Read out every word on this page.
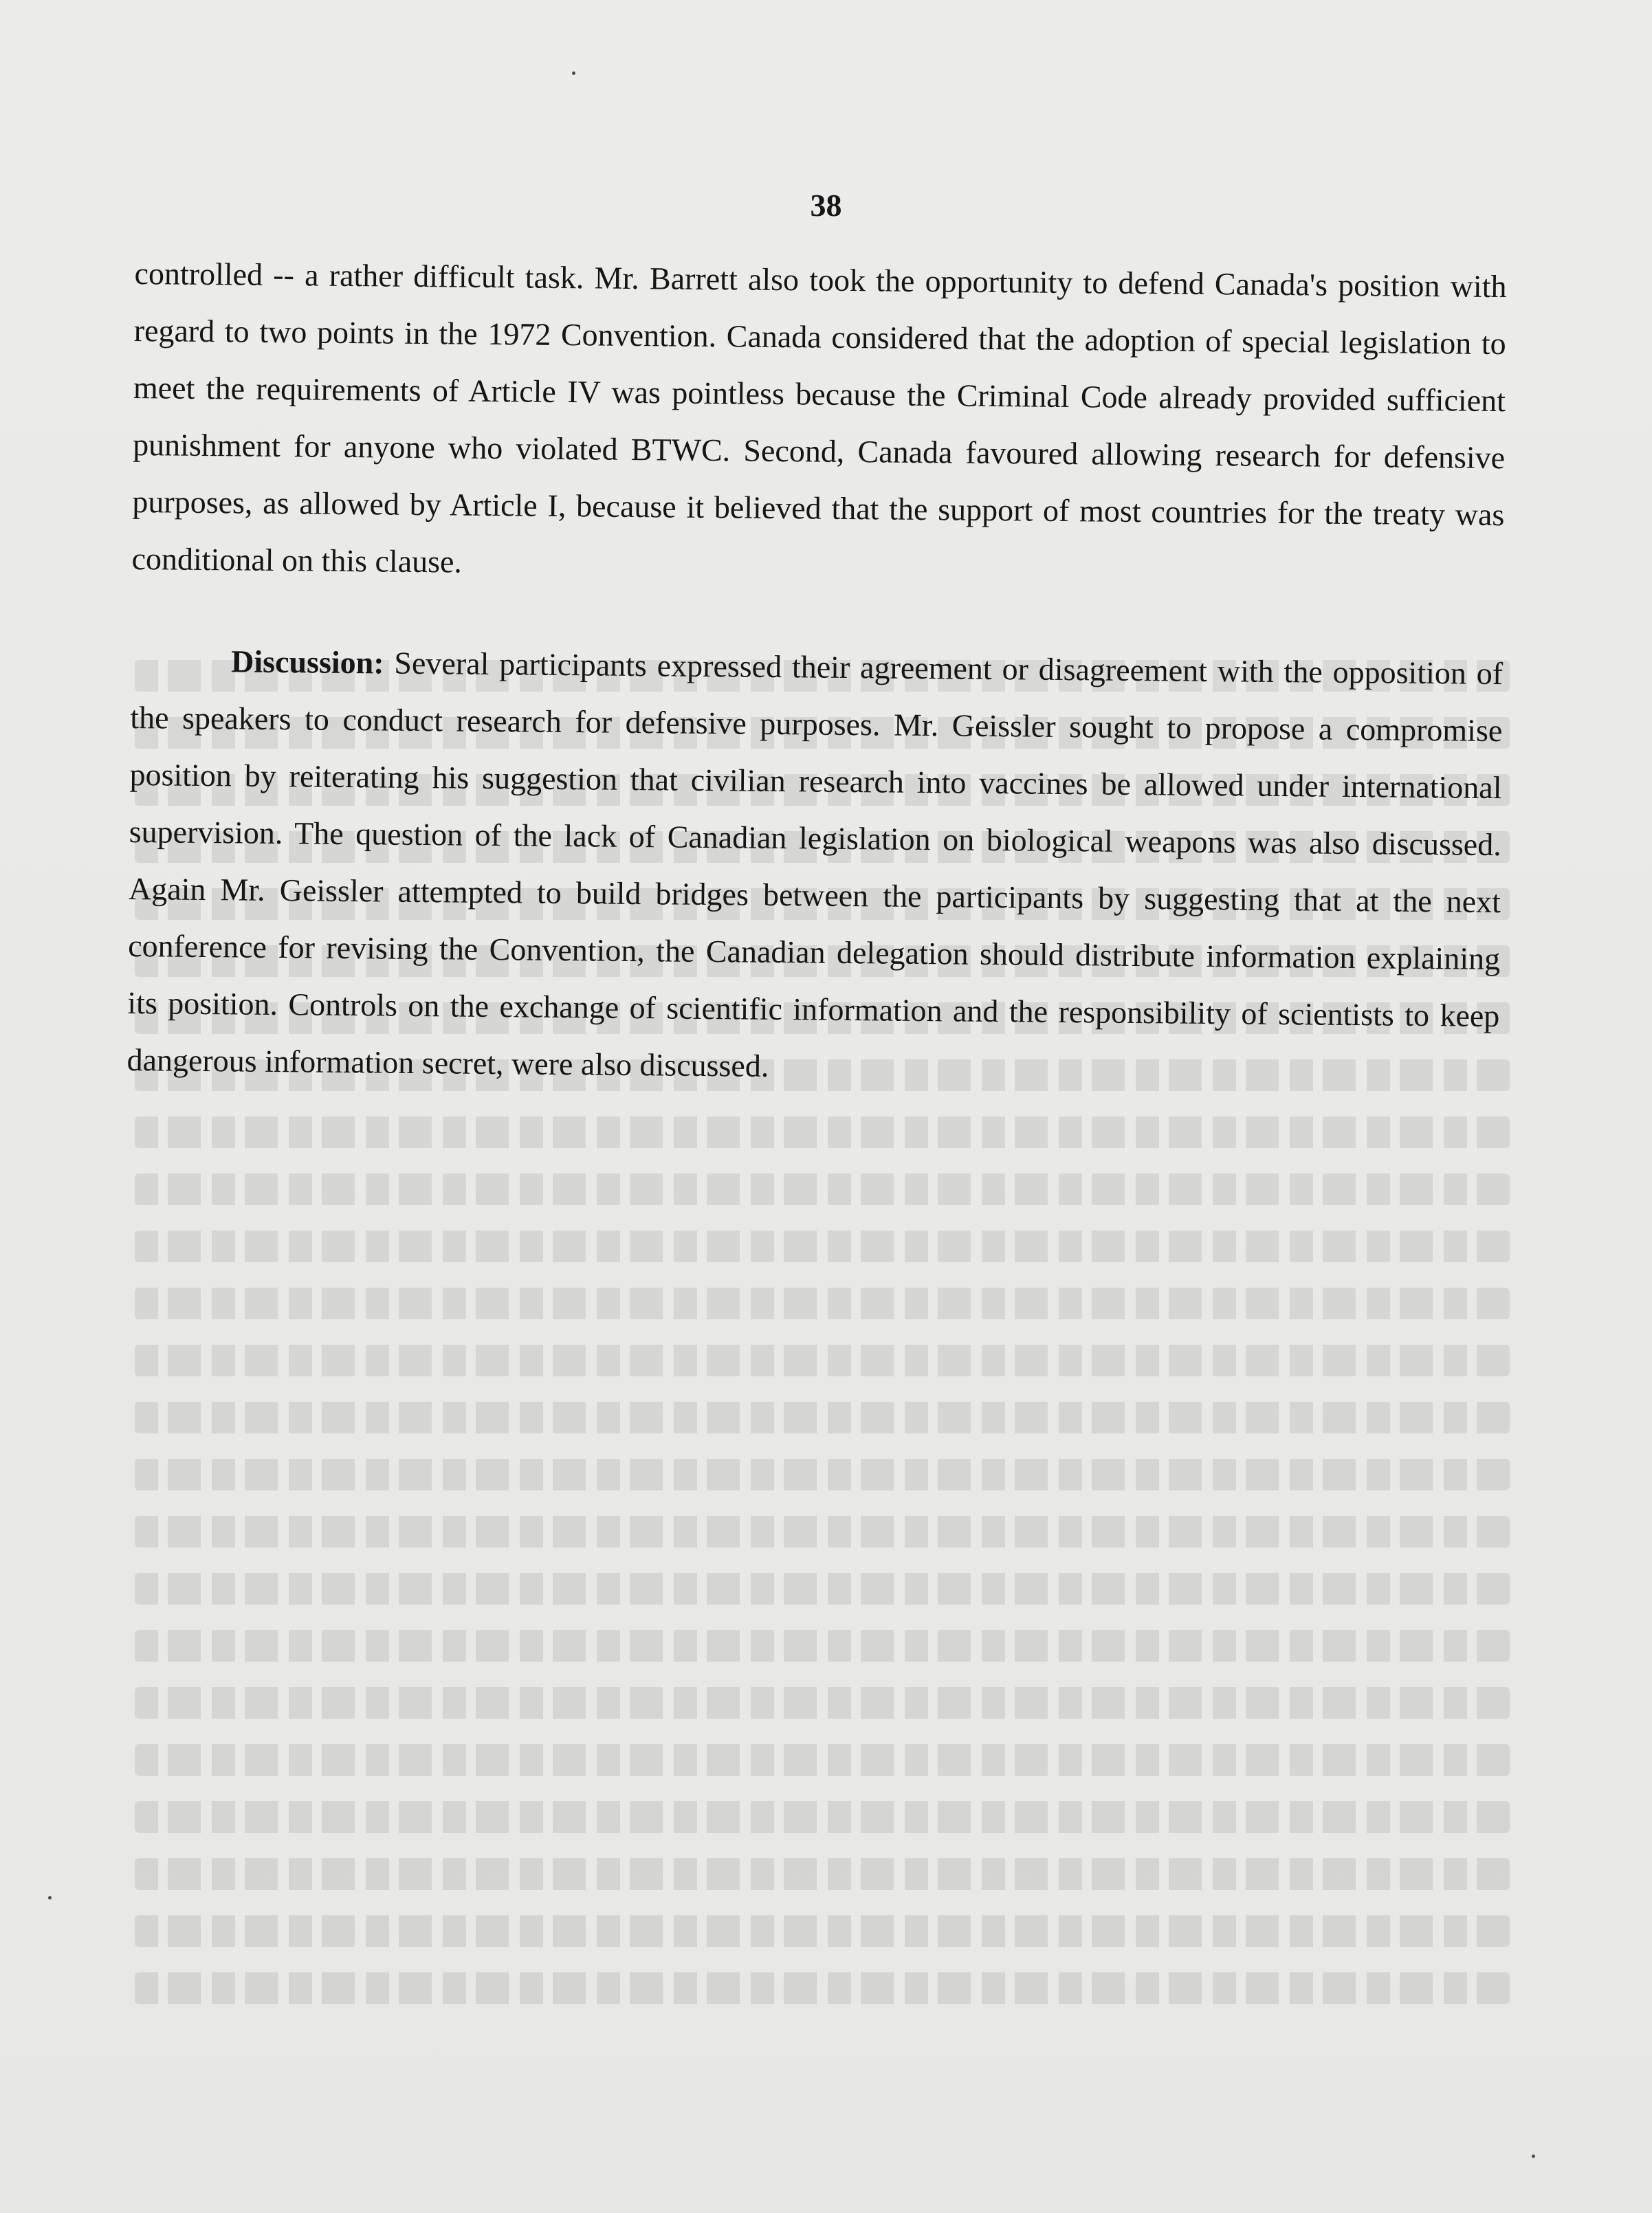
38

controlled -- a rather difficult task. Mr. Barrett also took the opportunity to defend Canada's position with regard to two points in the 1972 Convention. Canada considered that the adoption of special legislation to meet the requirements of Article IV was pointless because the Criminal Code already provided sufficient punishment for anyone who violated BTWC. Second, Canada favoured allowing research for defensive purposes, as allowed by Article I, because it believed that the support of most countries for the treaty was conditional on this clause.

Discussion: Several participants expressed their agreement or disagreement with the opposition of the speakers to conduct research for defensive purposes. Mr. Geissler sought to propose a compromise position by reiterating his suggestion that civilian research into vaccines be allowed under international supervision. The question of the lack of Canadian legislation on biological weapons was also discussed. Again Mr. Geissler attempted to build bridges between the participants by suggesting that at the next conference for revising the Convention, the Canadian delegation should distribute information explaining its position. Controls on the exchange of scientific information and the responsibility of scientists to keep dangerous information secret, were also discussed.
